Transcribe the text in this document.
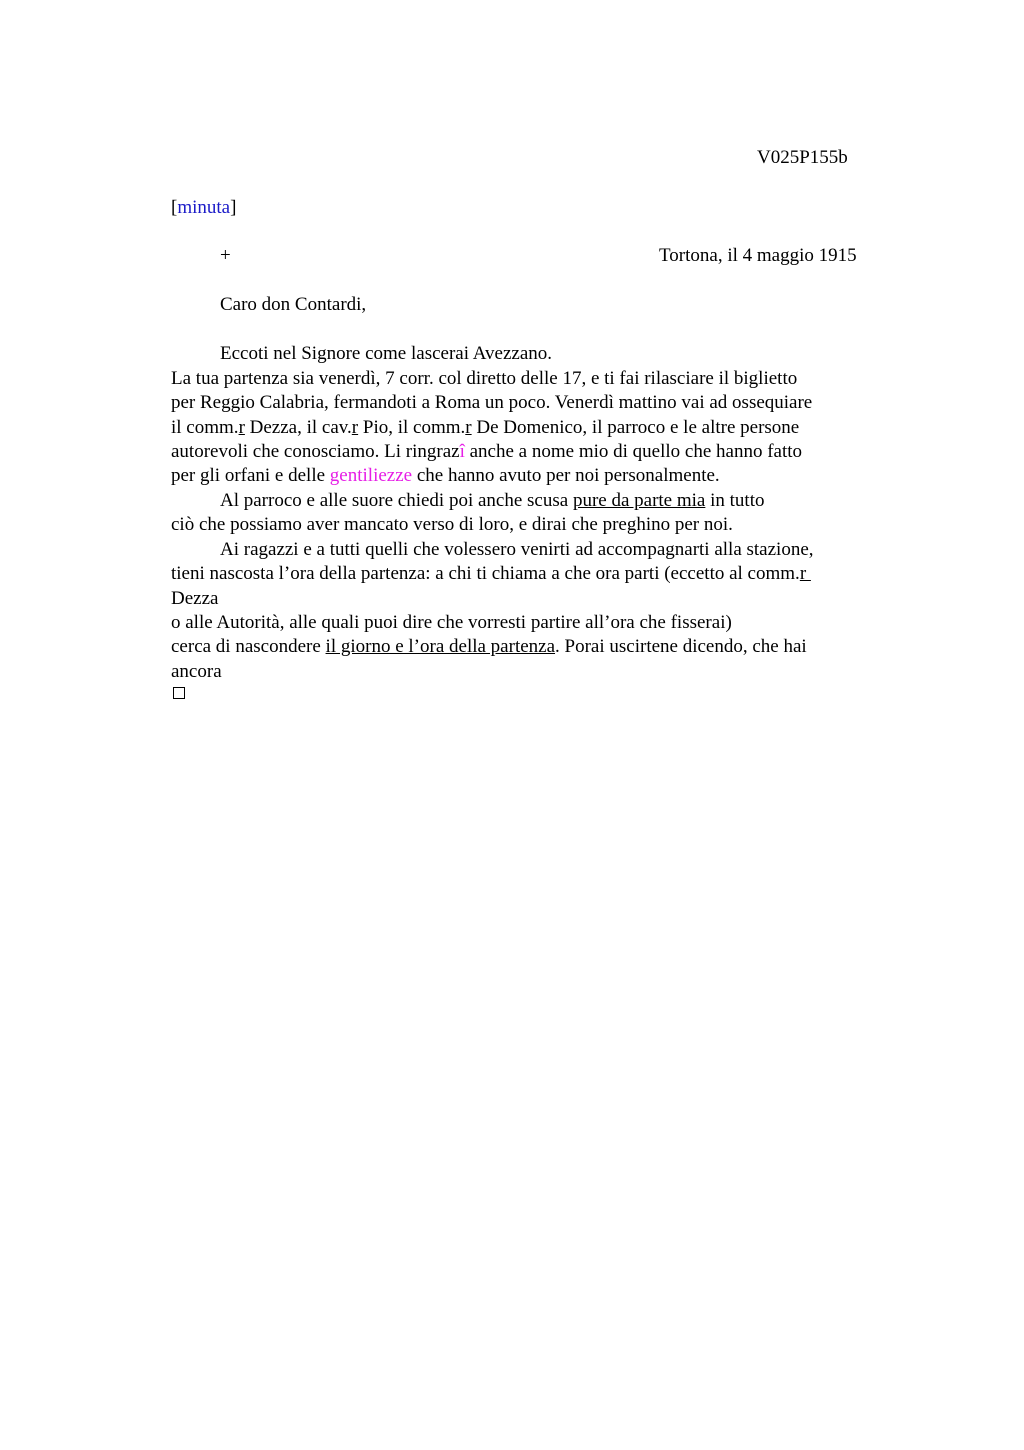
V025P155b
[minuta]
+	Tortona, il 4 maggio 1915
Caro don Contardi,
Eccoti nel Signore come lascerai Avezzano.
La tua partenza sia venerdì, 7 corr. col diretto delle 17, e ti fai rilasciare il biglietto
per Reggio Calabria, fermandoti a Roma un poco. Venerdì mattino vai ad ossequiare
il comm.r Dezza, il cav.r Pio, il comm.r De Domenico, il parroco e le altre persone
autorevoli che conosciamo. Li ringrazî anche a nome mio di quello che hanno fatto
per gli orfani e delle gentiliezze che hanno avuto per noi personalmente.
Al parroco e alle suore chiedi poi anche scusa pure da parte mia in tutto
ciò che possiamo aver mancato verso di loro, e dirai che preghino per noi.
Ai ragazzi e a tutti quelli che volessero venirti ad accompagnarti alla stazione,
tieni nascosta l’ora della partenza: a chi ti chiama a che ora parti (eccetto al comm.r
Dezza
o alle Autorità, alle quali puoi dire che vorresti partire all’ora che fisserai)
cerca di nascondere il giorno e l’ora della partenza. Porai uscirtene dicendo, che hai
ancora
